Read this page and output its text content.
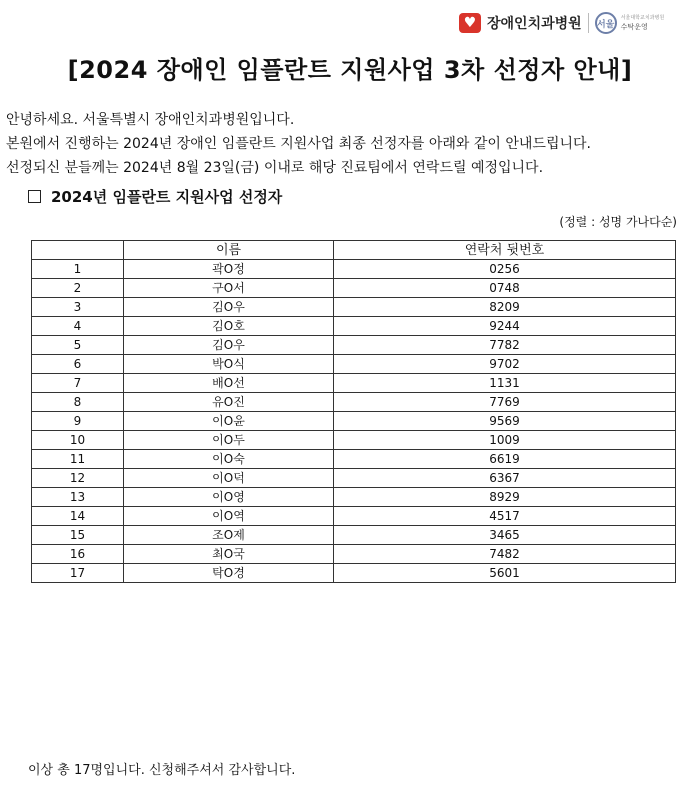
♥ 장애인치과병원 서울
서울대학교치과병원
수탁운영
[2024 장애인 임플란트 지원사업 3차 선정자 안내]
안녕하세요. 서울특별시 장애인치과병원입니다.
본원에서 진행하는 2024년 장애인 임플란트 지원사업 최종 선정자를 아래와 같이 안내드립니다.
선정되신 분들께는 2024년 8월 23일(금) 이내로 해당 진료팀에서 연락드릴 예정입니다.
2024년 임플란트 지원사업 선정자
(정렬 : 성명 가나다순)
	이름	연락처 뒷번호
1	곽O정	0256
2	구O서	0748
3	김O우	8209
4	김O호	9244
5	김O우	7782
6	박O식	9702
7	배O선	1131
8	유O진	7769
9	이O윤	9569
10	이O두	1009
11	이O숙	6619
12	이O덕	6367
13	이O영	8929
14	이O역	4517
15	조O제	3465
16	최O국	7482
17	탁O경	5601
이상 총 17명입니다. 신청해주셔서 감사합니다.
